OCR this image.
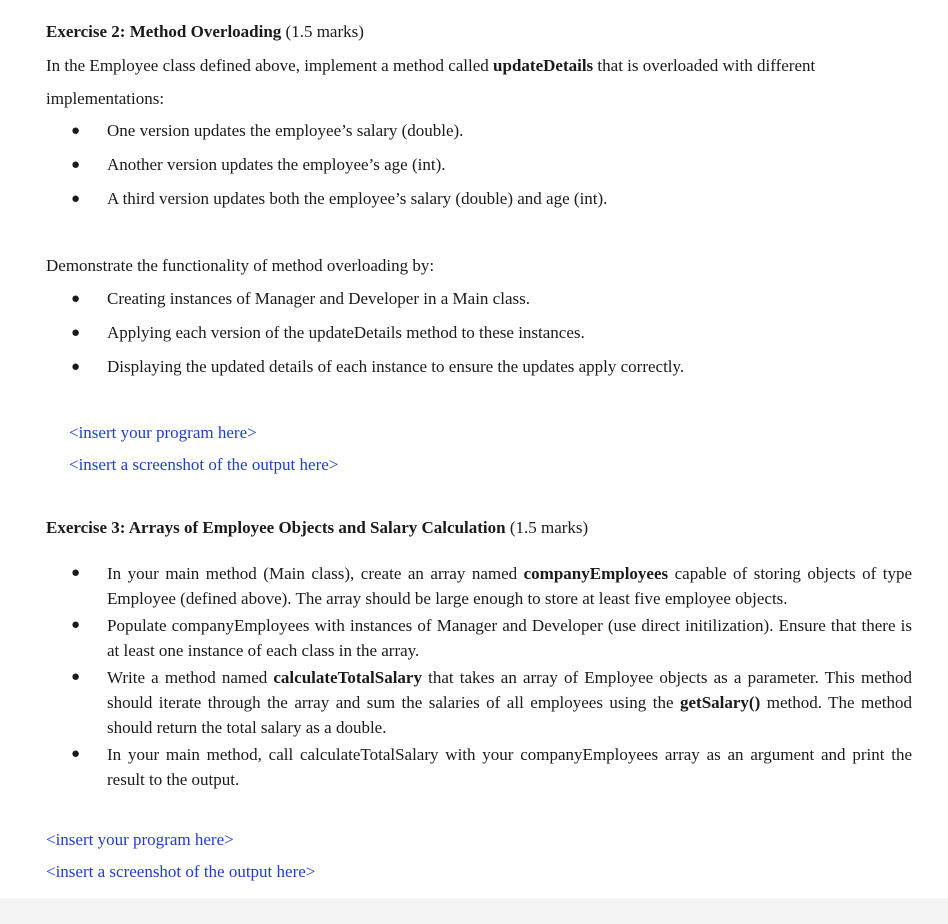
Exercise 2: Method Overloading (1.5 marks)

In the Employee class defined above, implement a method called updateDetails that is overloaded with different implementations:

● One version updates the employee’s salary (double).
● Another version updates the employee’s age (int).
● A third version updates both the employee’s salary (double) and age (int).

Demonstrate the functionality of method overloading by:

● Creating instances of Manager and Developer in a Main class.
● Applying each version of the updateDetails method to these instances.
● Displaying the updated details of each instance to ensure the updates apply correctly.

<insert your program here>

<insert a screenshot of the output here>

Exercise 3: Arrays of Employee Objects and Salary Calculation (1.5 marks)
● In your main method (Main class), create an array named companyEmployees capable of storing objects of type Employee (defined above). The array should be large enough to store at least five employee objects.
● Populate companyEmployees with instances of Manager and Developer (use direct initilization). Ensure that there is at least one instance of each class in the array.
● Write a method named calculateTotalSalary that takes an array of Employee objects as a parameter. This method should iterate through the array and sum the salaries of all employees using the getSalary() method. The method should return the total salary as a double.
● In your main method, call calculateTotalSalary with your companyEmployees array as an argument and print the result to the output.

<insert your program here>

<insert a screenshot of the output here>
